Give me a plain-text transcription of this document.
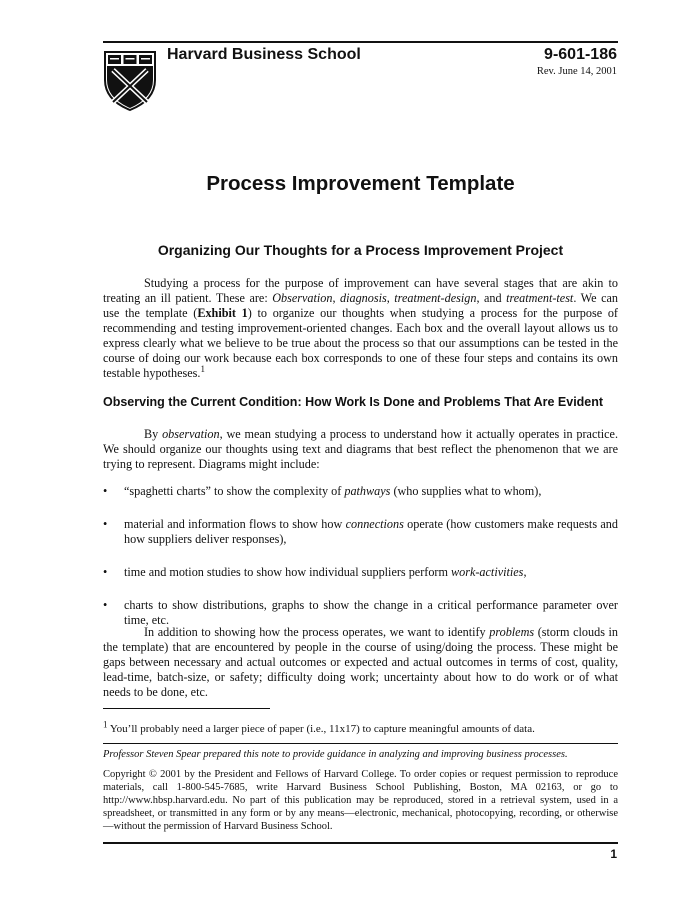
Harvard Business School	9-601-186
Rev. June 14, 2001
Process Improvement Template
Organizing Our Thoughts for a Process Improvement Project

Studying a process for the purpose of improvement can have several stages that are akin to treating an ill patient. These are: Observation, diagnosis, treatment-design, and treatment-test. We can use the template (Exhibit 1) to organize our thoughts when studying a process for the purpose of recommending and testing improvement-oriented changes. Each box and the overall layout allows us to express clearly what we believe to be true about the process so that our assumptions can be tested in the course of doing our work because each box corresponds to one of these four steps and contains its own testable hypotheses.$^1$

Observing the Current Condition: How Work Is Done and Problems That Are Evident

By observation, we mean studying a process to understand how it actually operates in practice. We should organize our thoughts using text and diagrams that best reflect the phenomenon that we are trying to represent. Diagrams might include:

• “spaghetti charts” to show the complexity of pathways (who supplies what to whom),
• material and information flows to show how connections operate (how customers make requests and how suppliers deliver responses),
• time and motion studies to show how individual suppliers perform work-activities,
• charts to show distributions, graphs to show the change in a critical performance parameter over time, etc.

In addition to showing how the process operates, we want to identify problems (storm clouds in the template) that are encountered by people in the course of using/doing the process. These might be gaps between necessary and actual outcomes or expected and actual outcomes in terms of cost, quality, lead-time, batch-size, or safety; difficulty doing work; uncertainty about how to do work or of what needs to be done, etc.

$^1$ You’ll probably need a larger piece of paper (i.e., 11x17) to capture meaningful amounts of data.
Professor Steven Spear prepared this note to provide guidance in analyzing and improving business processes.

Copyright © 2001 by the President and Fellows of Harvard College. To order copies or request permission to reproduce materials, call 1-800-545-7685, write Harvard Business School Publishing, Boston, MA 02163, or go to http://www.hbsp.harvard.edu. No part of this publication may be reproduced, stored in a retrieval system, used in a spreadsheet, or transmitted in any form or by any means—electronic, mechanical, photocopying, recording, or otherwise—without the permission of Harvard Business School.

1
